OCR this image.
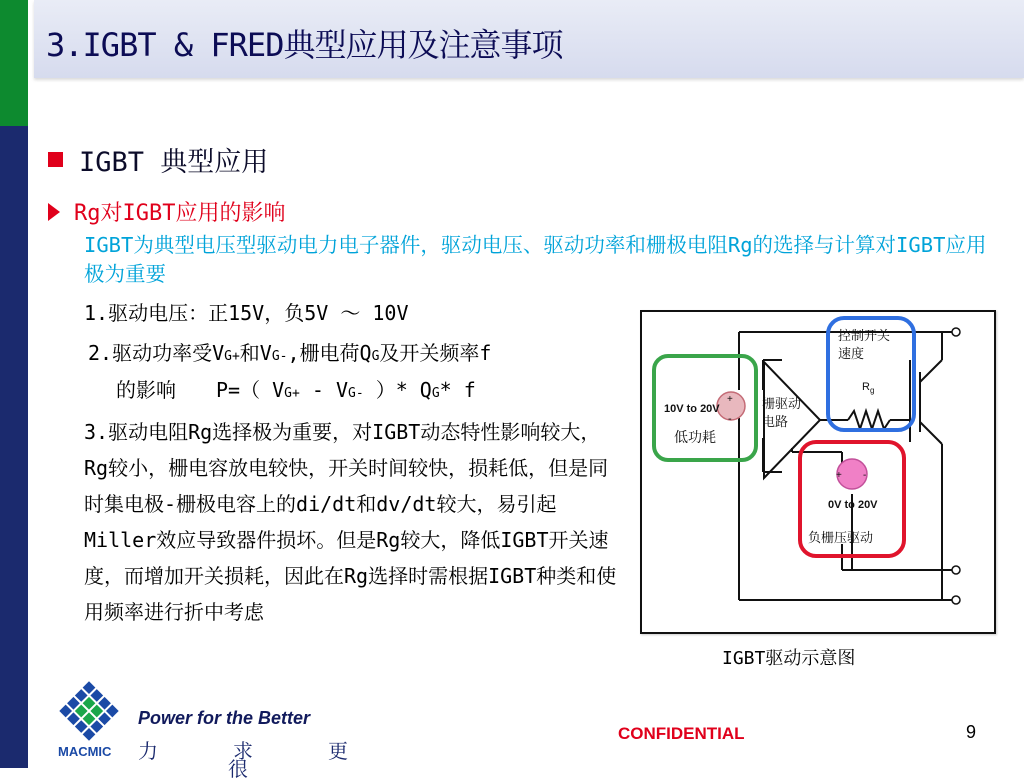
3.IGBT & FRED典型应用及注意事项
IGBT 典型应用
Rg对IGBT应用的影响
IGBT为典型电压型驱动电力电子器件，驱动电压、驱动功率和栅极电阻Rg的选择与计算对IGBT应用极为重要
1.驱动电压：正15V，负5V ～ 10V
2.驱动功率受VG+和VG-,栅电荷QG及开关频率f
的影响 P=（ VG+ - VG- ）* QG* f
3.驱动电阻Rg选择极为重要，对IGBT动态特性影响较大，Rg较小，栅电容放电较快，开关时间较快，损耗低，但是同时集电极-栅极电容上的di/dt和dv/dt较大，易引起Miller效应导致器件损坏。但是Rg较大，降低IGBT开关速度，而增加开关损耗，因此在Rg选择时需根据IGBT种类和使用频率进行折中考虑
+
-
10V to 20V
低功耗
栅驱动
电路
控制开关
速度
$R_g$
+ -
0V to 20V
负栅压驱动
IGBT驱动示意图
MACMIC
Power for the Better
力	求	更
很
CONFIDENTIAL	9
